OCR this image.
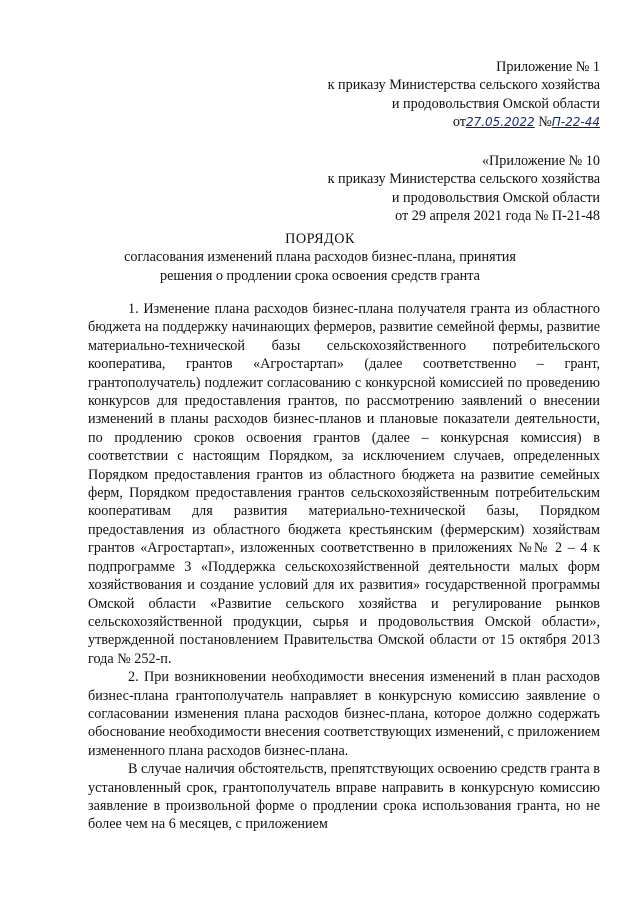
Приложение № 1
к приказу Министерства сельского хозяйства
и продовольствия Омской области
от27.05.2022 №П-22-44
«Приложение № 10
к приказу Министерства сельского хозяйства
и продовольствия Омской области
от 29 апреля 2021 года № П-21-48
ПОРЯДОК
согласования изменений плана расходов бизнес-плана, принятия
решения о продлении срока освоения средств гранта

1. Изменение плана расходов бизнес-плана получателя гранта из областного бюджета на поддержку начинающих фермеров, развитие семейной фермы, развитие материально-технической базы сельскохозяйственного потребительского кооператива, грантов «Агростартап» (далее соответственно – грант, грантополучатель) подлежит согласованию с конкурсной комиссией по проведению конкурсов для предоставления грантов, по рассмотрению заявлений о внесении изменений в планы расходов бизнес-планов и плановые показатели деятельности, по продлению сроков освоения грантов (далее – конкурсная комиссия) в соответствии с настоящим Порядком, за исключением случаев, определенных Порядком предоставления грантов из областного бюджета на развитие семейных ферм, Порядком предоставления грантов сельскохозяйственным потребительским кооперативам для развития материально-технической базы, Порядком предоставления из областного бюджета крестьянским (фермерским) хозяйствам грантов «Агростартап», изложенных соответственно в приложениях №№ 2 – 4 к подпрограмме 3 «Поддержка сельскохозяйственной деятельности малых форм хозяйствования и создание условий для их развития» государственной программы Омской области «Развитие сельского хозяйства и регулирование рынков сельскохозяйственной продукции, сырья и продовольствия Омской области», утвержденной постановлением Правительства Омской области от 15 октября 2013 года № 252-п.

2. При возникновении необходимости внесения изменений в план расходов бизнес-плана грантополучатель направляет в конкурсную комиссию заявление о согласовании изменения плана расходов бизнес-плана, которое должно содержать обоснование необходимости внесения соответствующих изменений, с приложением измененного плана расходов бизнес-плана.

В случае наличия обстоятельств, препятствующих освоению средств гранта в установленный срок, грантополучатель вправе направить в конкурсную комиссию заявление в произвольной форме о продлении срока использования гранта, но не более чем на 6 месяцев, с приложением
